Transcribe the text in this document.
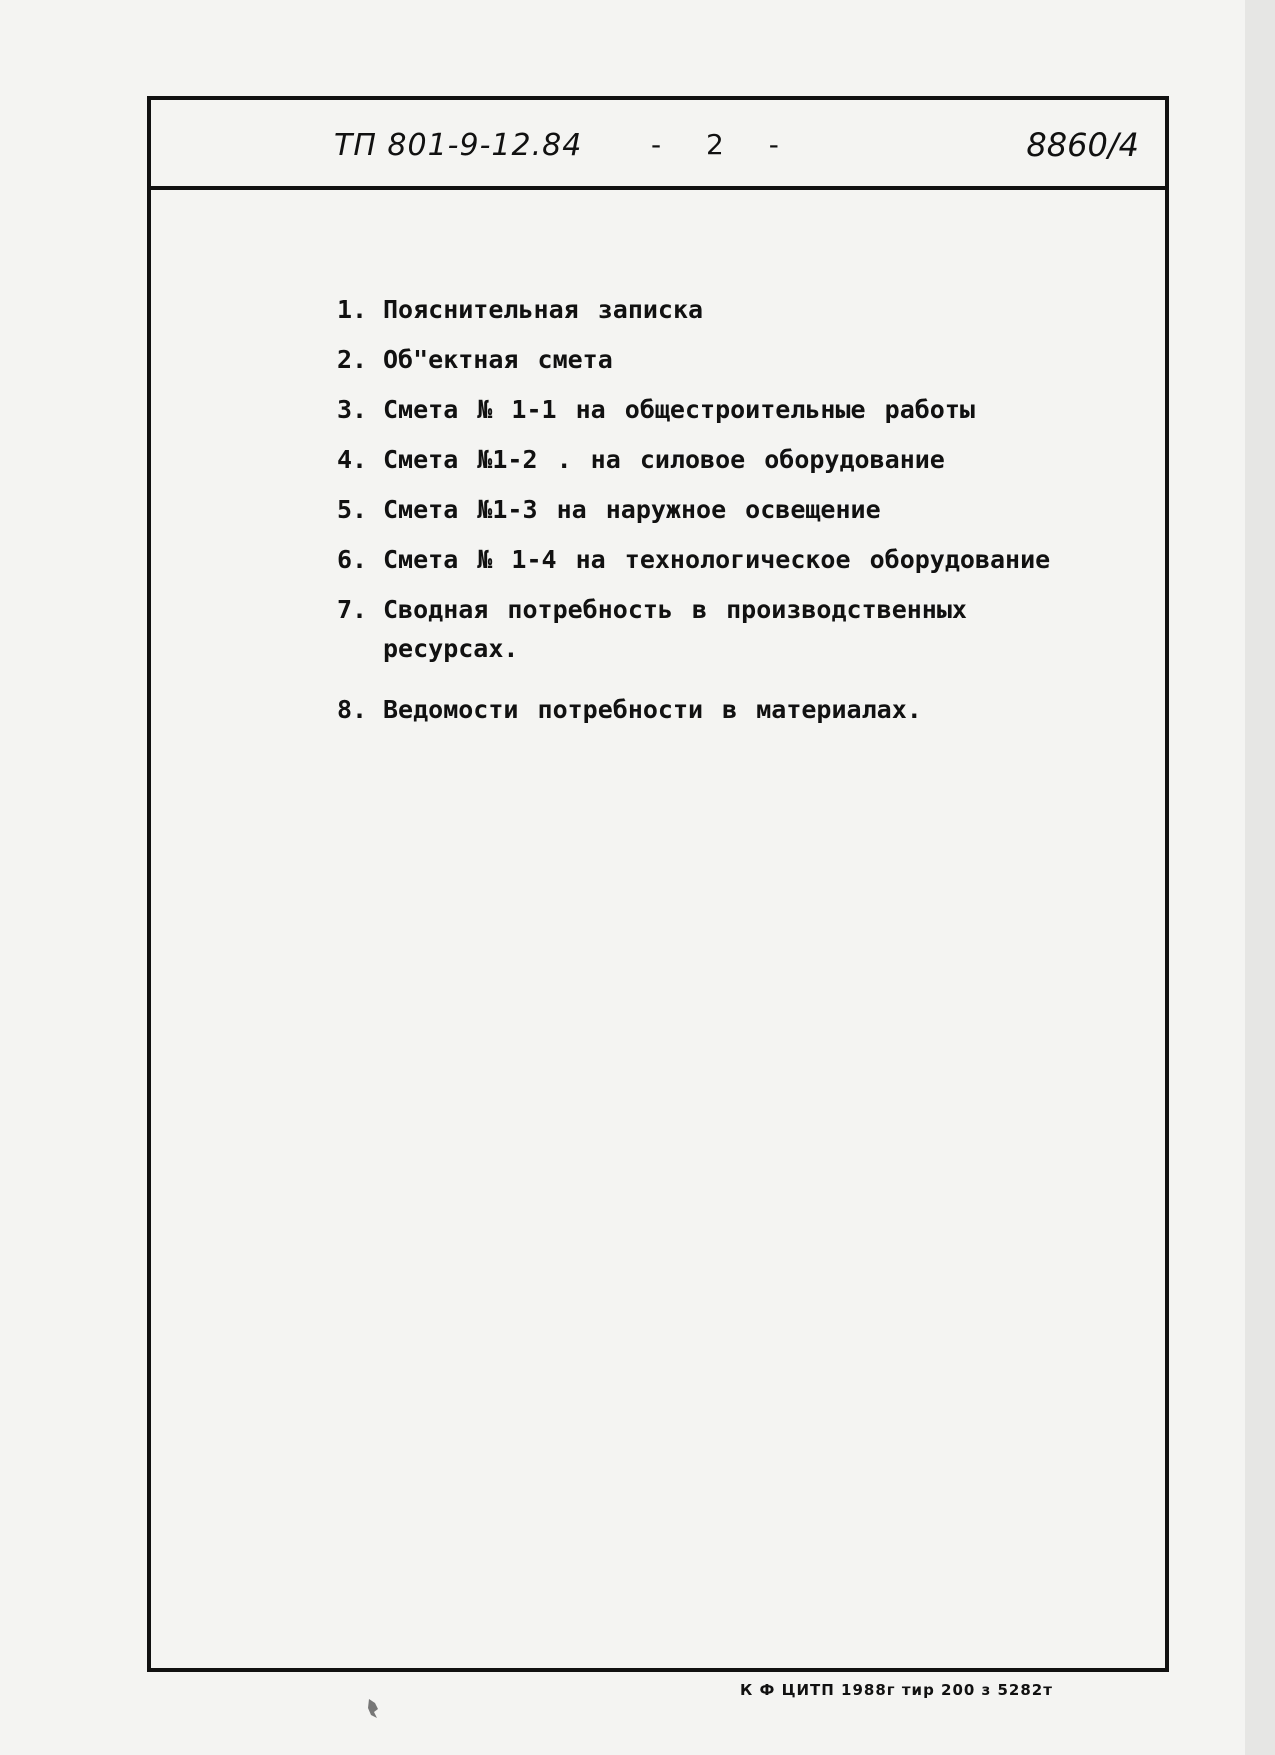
ТП 801-9-12.84 - 2 -	8860/4
1. Пояснительная записка
2. Об"ектная смета
3. Смета № 1-1 на общестроительные работы
4. Смета №1-2 . на силовое оборудование
5. Смета №1-3 на наружное освещение
6. Смета № 1-4 на технологическое оборудование
7. Сводная потребность в производственных ресурсах.
8. Ведомости потребности в материалах.
К Ф ЦИТП 1988г тир 200 з 5282т
